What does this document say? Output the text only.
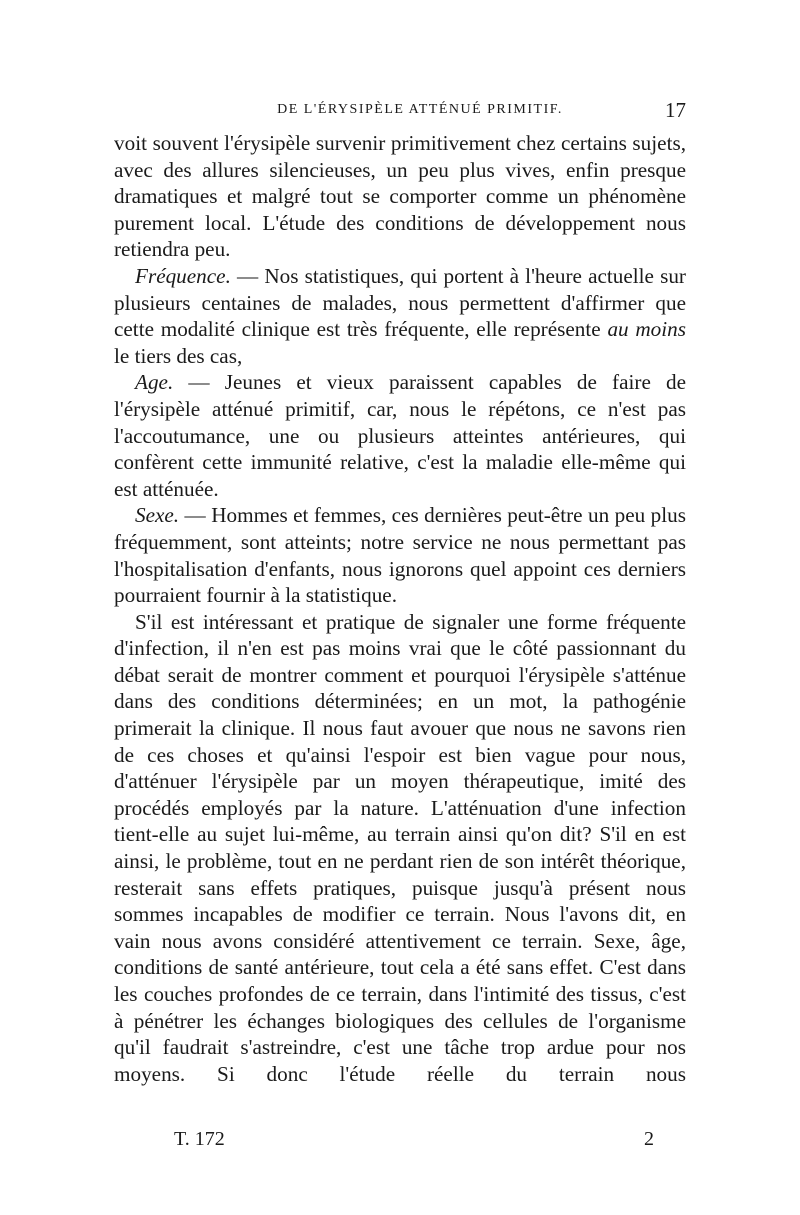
DE L'ÉRYSIPÈLE ATTÉNUÉ PRIMITIF.	17

voit souvent l'érysipèle survenir primitivement chez certains sujets, avec des allures silencieuses, un peu plus vives, enfin presque dramatiques et malgré tout se comporter comme un phénomène purement local. L'étude des conditions de développement nous retiendra peu.

Fréquence. — Nos statistiques, qui portent à l'heure actuelle sur plusieurs centaines de malades, nous permettent d'affirmer que cette modalité clinique est très fréquente, elle représente au moins le tiers des cas,

Age. — Jeunes et vieux paraissent capables de faire de l'érysipèle atténué primitif, car, nous le répétons, ce n'est pas l'accoutumance, une ou plusieurs atteintes antérieures, qui confèrent cette immunité relative, c'est la maladie elle-même qui est atténuée.

Sexe. — Hommes et femmes, ces dernières peut-être un peu plus fréquemment, sont atteints; notre service ne nous permettant pas l'hospitalisation d'enfants, nous ignorons quel appoint ces derniers pourraient fournir à la statistique.

S'il est intéressant et pratique de signaler une forme fréquente d'infection, il n'en est pas moins vrai que le côté passionnant du débat serait de montrer comment et pourquoi l'érysipèle s'atténue dans des conditions déterminées; en un mot, la pathogénie primerait la clinique. Il nous faut avouer que nous ne savons rien de ces choses et qu'ainsi l'espoir est bien vague pour nous, d'atténuer l'érysipèle par un moyen thérapeutique, imité des procédés employés par la nature. L'atténuation d'une infection tient-elle au sujet lui-même, au terrain ainsi qu'on dit? S'il en est ainsi, le problème, tout en ne perdant rien de son intérêt théorique, resterait sans effets pratiques, puisque jusqu'à présent nous sommes incapables de modifier ce terrain. Nous l'avons dit, en vain nous avons considéré attentivement ce terrain. Sexe, âge, conditions de santé antérieure, tout cela a été sans effet. C'est dans les couches profondes de ce terrain, dans l'intimité des tissus, c'est à pénétrer les échanges biologiques des cellules de l'organisme qu'il faudrait s'astreindre, c'est une tâche trop ardue pour nos moyens. Si donc l'étude réelle du terrain nous

T. 172	2
